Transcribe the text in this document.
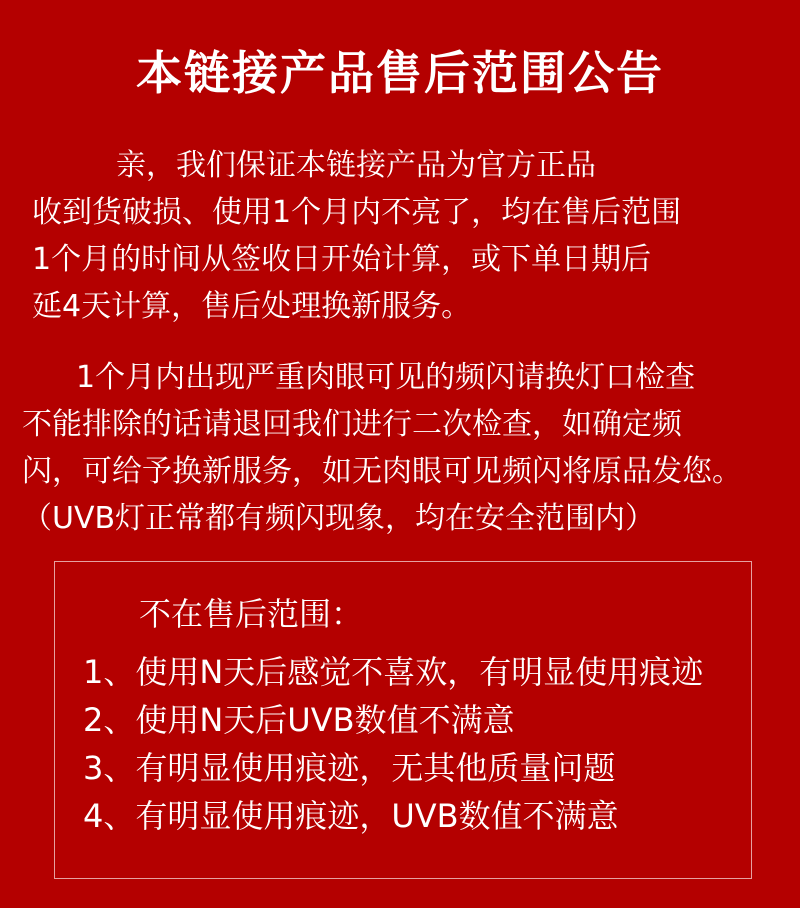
本链接产品售后范围公告
亲，我们保证本链接产品为官方正品
收到货破损、使用1个月内不亮了，均在售后范围
1个月的时间从签收日开始计算，或下单日期后
延4天计算，售后处理换新服务。
1个月内出现严重肉眼可见的频闪请换灯口检查
不能排除的话请退回我们进行二次检查，如确定频
闪，可给予换新服务，如无肉眼可见频闪将原品发您。
（UVB灯正常都有频闪现象，均在安全范围内）
不在售后范围：
1、使用N天后感觉不喜欢，有明显使用痕迹
2、使用N天后UVB数值不满意
3、有明显使用痕迹，无其他质量问题
4、有明显使用痕迹，UVB数值不满意
